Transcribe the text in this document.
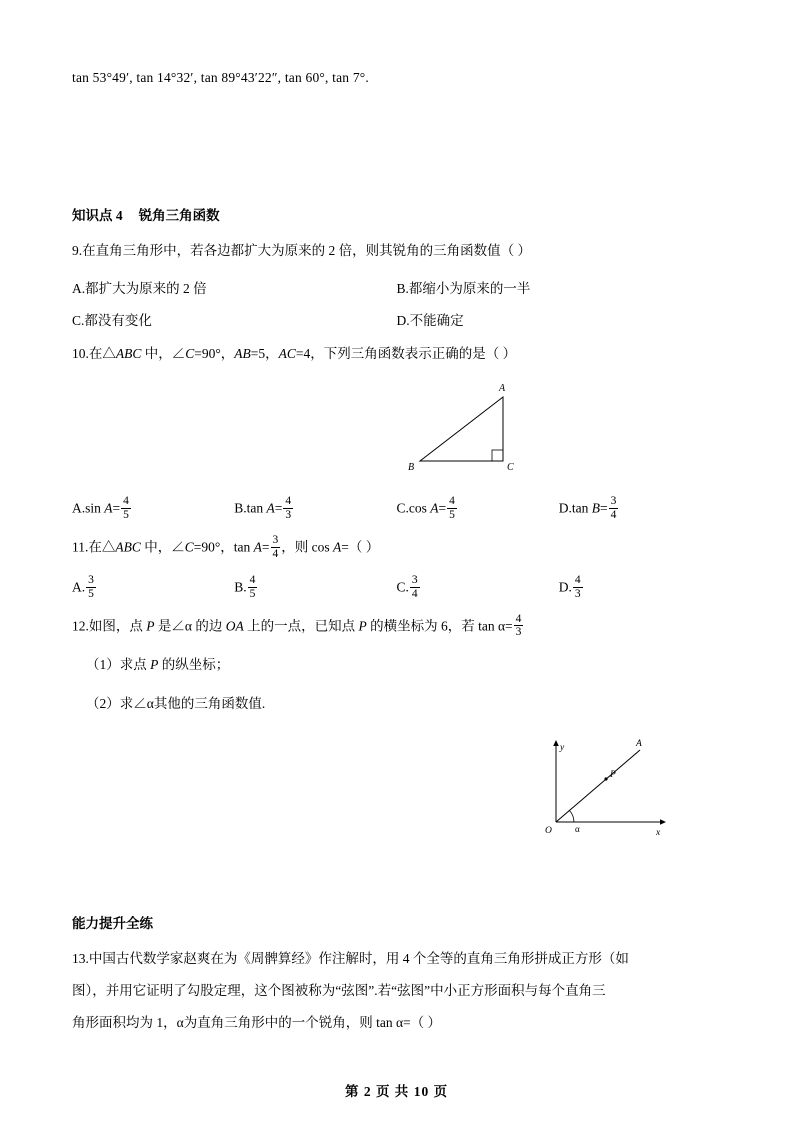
tan 53°49′, tan 14°32′, tan 89°43′22″, tan 60°, tan 7°.
知识点 4 锐角三角函数
9.在直角三角形中，若各边都扩大为原来的 2 倍，则其锐角的三角函数值（ ）
A.都扩大为原来的 2 倍	B.都缩小为原来的一半
C.都没有变化	D.不能确定
10.在△ABC 中，∠C=90°，AB=5，AC=4，下列三角函数表示正确的是（ ）
A
B	C
A.sin $A= \frac{4}{5}$	B.tan $A= \frac{4}{3}$	C.cos $A= \frac{4}{5}$	D.tan $B= \frac{3}{4}$
11.在△ABC 中，∠C=90°，$\tan A= \frac{3}{4}$ ，则 cos A=（ ）
A. $\frac{3}{5}$	B. $\frac{4}{5}$	C. $\frac{3}{4}$	D. $\frac{4}{3}$
12.如图，点 P 是∠α 的边 OA 上的一点，已知点 P 的横坐标为 6，若 $\tan \alpha= \frac{4}{3}$
（1）求点 P 的纵坐标；
（2）求∠α其他的三角函数值.
y
x
A
P
O	α
能力提升全练
13.中国古代数学家赵爽在为《周髀算经》作注解时，用 4 个全等的直角三角形拼成正方形（如
图），并用它证明了勾股定理，这个图被称为“弦图”.若“弦图”中小正方形面积与每个直角三
角形面积均为 1，α为直角三角形中的一个锐角，则 tan α=（ ）
第 2 页 共 10 页
